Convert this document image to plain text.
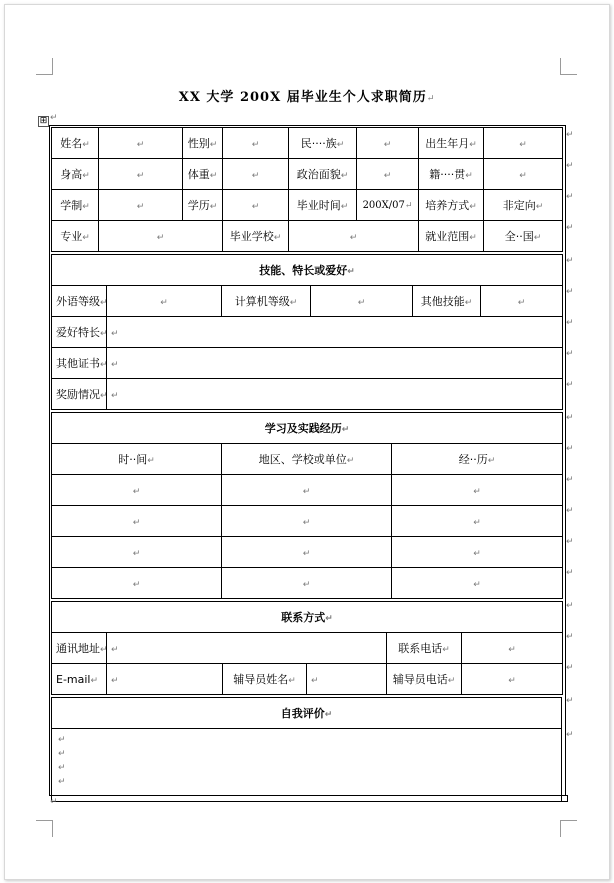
XX 大学 200X 届毕业生个人求职简历↵
⊞ ↵
姓名↵	↵	性别↵	↵	民····族↵	↵	出生年月↵	↵
身高↵	↵	体重↵	↵	政治面貌↵	↵	籍····贯↵	↵
学制↵	↵	学历↵	↵	毕业时间↵	200X/07↵	培养方式↵	非定向↵
专业↵	↵		毕业学校↵	↵		就业范围↵	全··国↵
技能、特长或爱好↵					
外语等级↵	↵	计算机等级↵	↵	其他技能↵	↵
爱好特长↵	↵				
其他证书↵	↵				
奖励情况↵	↵				
学习及实践经历↵		
时··间↵	地区、学校或单位↵	经··历↵
↵	↵	↵
↵	↵	↵
↵	↵	↵
↵	↵	↵
联系方式↵					
通讯地址↵	↵			联系电话↵	↵
E-mail↵	↵	辅导员姓名↵	↵	辅导员电话↵	↵
自我评价↵

↵
↵
↵
↵
↵
↵
↵
↵
↵
↵
↵
↵
↵
↵
↵
↵
↵
↵
↵
↵
↵
↵
↵
↵
↵
